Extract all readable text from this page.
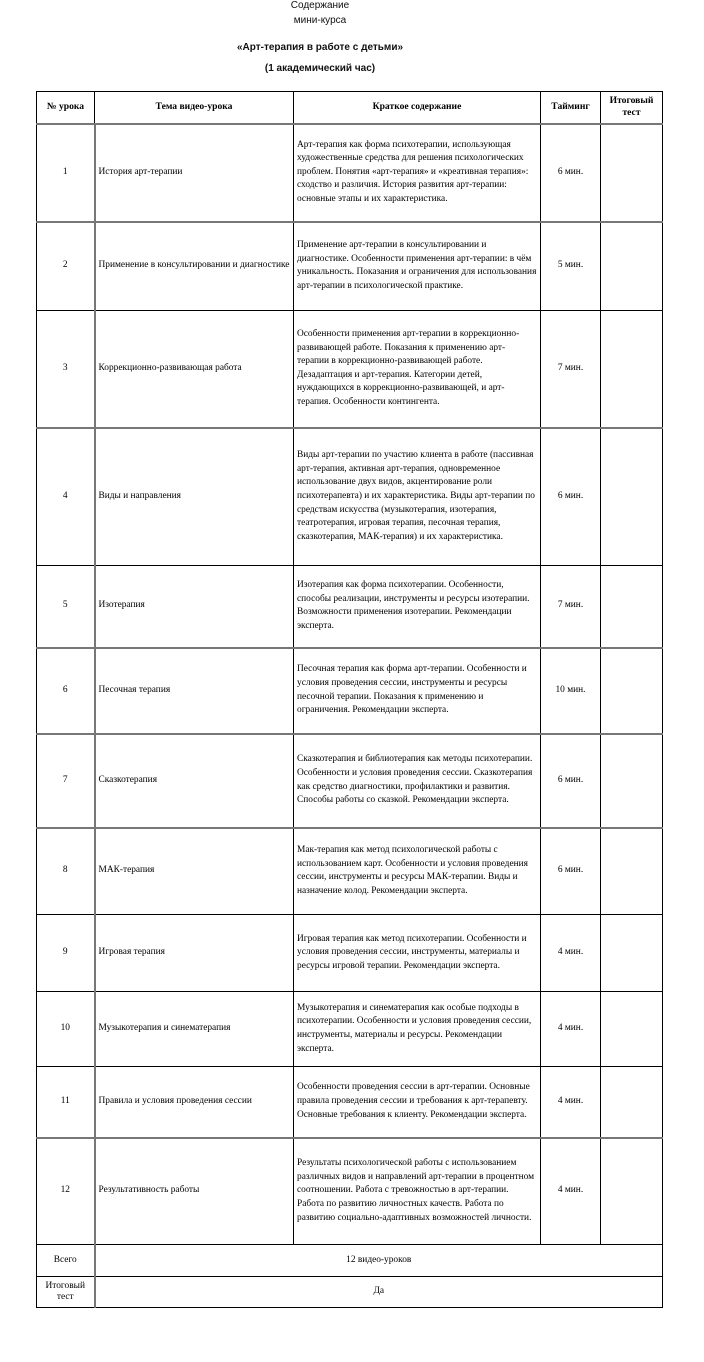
Содержание
мини-курса
«Арт-терапия в работе с детьми»
(1 академический час)
№ урока	Тема видео-урока	Краткое содержание	Тайминг	Итоговый тест
1	История арт-терапии	Арт-терапия как форма психотерапии, использующая художественные средства для решения психологических проблем. Понятия «арт-терапия» и «креативная терапия»: сходство и различия. История развития арт-терапии: основные этапы и их характеристика.	6 мин.	
2	Применение в консультировании и диагностике	Применение арт-терапии в консультировании и диагностике. Особенности применения арт-терапии: в чём уникальность. Показания и ограничения для использования арт-терапии в психологической практике.	5 мин.	
3	Коррекционно-развивающая работа	Особенности применения арт-терапии в коррекционно-развивающей работе. Показания к применению арт-терапии в коррекционно-развивающей работе. Дезадаптация и арт-терапия. Категории детей, нуждающихся в коррекционно-развивающей, и арт-терапия. Особенности контингента.	7 мин.	
4	Виды и направления	Виды арт-терапии по участию клиента в работе (пассивная арт-терапия, активная арт-терапия, одновременное использование двух видов, акцентирование роли психотерапевта) и их характеристика. Виды арт-терапии по средствам искусства (музыкотерапия, изотерапия, театротерапия, игровая терапия, песочная терапия, сказкотерапия, МАК-терапия) и их характеристика.	6 мин.	
5	Изотерапия	Изотерапия как форма психотерапии. Особенности, способы реализации, инструменты и ресурсы изотерапии. Возможности применения изотерапии. Рекомендации эксперта.	7 мин.	
6	Песочная терапия	Песочная терапия как форма арт-терапии. Особенности и условия проведения сессии, инструменты и ресурсы песочной терапии. Показания к применению и ограничения. Рекомендации эксперта.	10 мин.	
7	Сказкотерапия	Сказкотерапия и библиотерапия как методы психотерапии. Особенности и условия проведения сессии. Сказкотерапия как средство диагностики, профилактики и развития. Способы работы со сказкой. Рекомендации эксперта.	6 мин.	
8	МАК-терапия	Мак-терапия как метод психологической работы с использованием карт. Особенности и условия проведения сессии, инструменты и ресурсы МАК-терапии. Виды и назначение колод. Рекомендации эксперта.	6 мин.	
9	Игровая терапия	Игровая терапия как метод психотерапии. Особенности и условия проведения сессии, инструменты, материалы и ресурсы игровой терапии. Рекомендации эксперта.	4 мин.	
10	Музыкотерапия и синематерапия	Музыкотерапия и синематерапия как особые подходы в психотерапии. Особенности и условия проведения сессии, инструменты, материалы и ресурсы. Рекомендации эксперта.	4 мин.	
11	Правила и условия проведения сессии	Особенности проведения сессии в арт-терапии. Основные правила проведения сессии и требования к арт-терапевту. Основные требования к клиенту. Рекомендации эксперта.	4 мин.	
12	Результативность работы	Результаты психологической работы с использованием различных видов и направлений арт-терапии в процентном соотношении. Работа с тревожностью в арт-терапии. Работа по развитию личностных качеств. Работа по развитию социально-адаптивных возможностей личности.	4 мин.	
Всего	12 видео-уроков			
Итоговый тест	Да			
